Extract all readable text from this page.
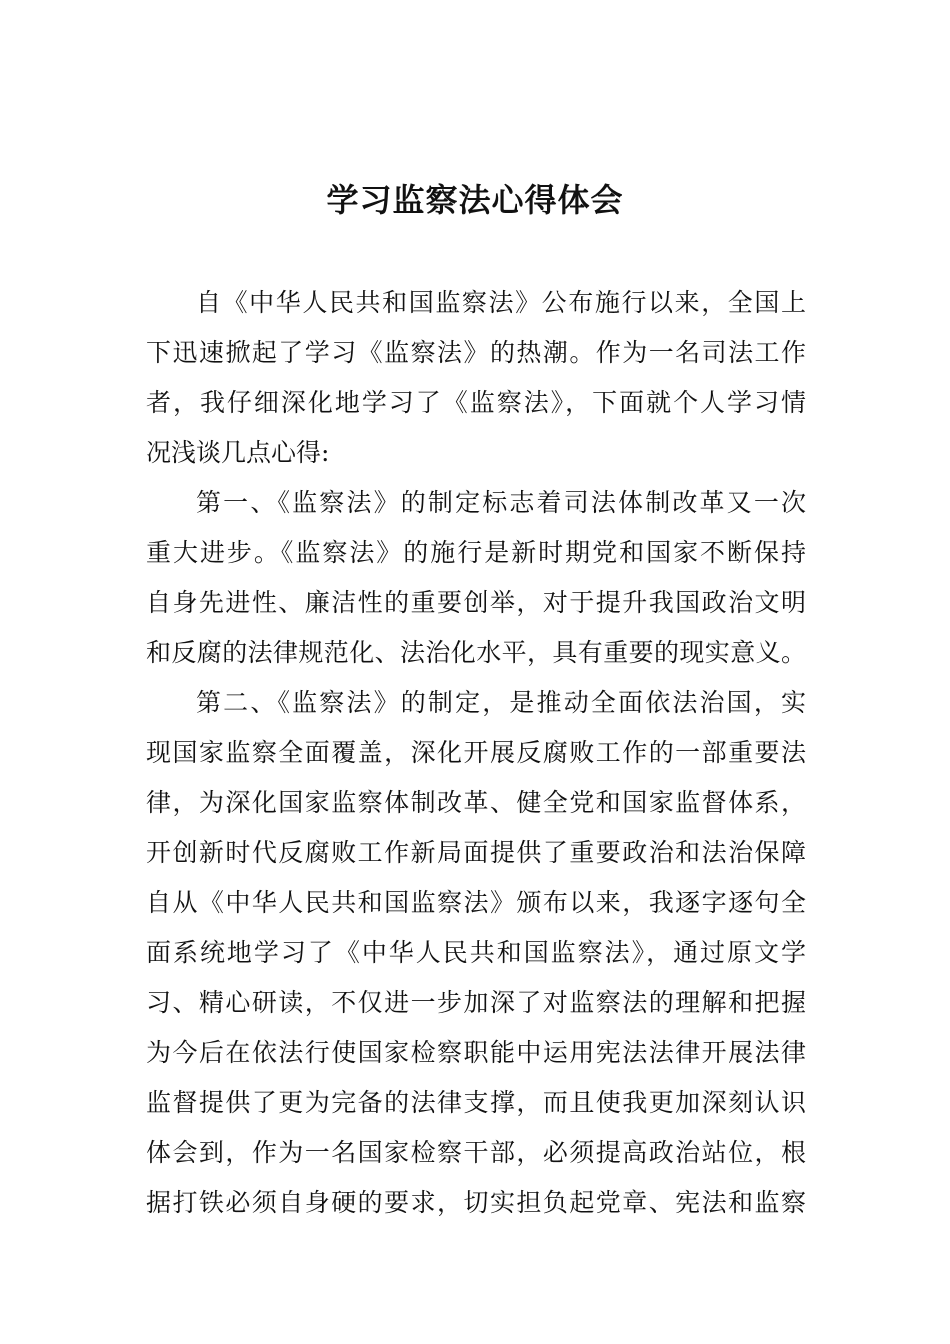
学习监察法心得体会
自《中华人民共和国监察法》公布施行以来，全国上
下迅速掀起了学习《监察法》的热潮。作为一名司法工作
者，我仔细深化地学习了《监察法》，下面就个人学习情
况浅谈几点心得:
第一、《监察法》的制定标志着司法体制改革又一次
重大进步。《监察法》的施行是新时期党和国家不断保持
自身先进性、廉洁性的重要创举，对于提升我国政治文明
和反腐的法律规范化、法治化水平，具有重要的现实意义。
第二、《监察法》的制定，是推动全面依法治国，实
现国家监察全面覆盖，深化开展反腐败工作的一部重要法
律，为深化国家监察体制改革、健全党和国家监督体系，
开创新时代反腐败工作新局面提供了重要政治和法治保障
自从《中华人民共和国监察法》颁布以来，我逐字逐句全
面系统地学习了《中华人民共和国监察法》，通过原文学
习、精心研读，不仅进一步加深了对监察法的理解和把握
为今后在依法行使国家检察职能中运用宪法法律开展法律
监督提供了更为完备的法律支撑，而且使我更加深刻认识
体会到，作为一名国家检察干部，必须提高政治站位，根
据打铁必须自身硬的要求，切实担负起党章、宪法和监察
